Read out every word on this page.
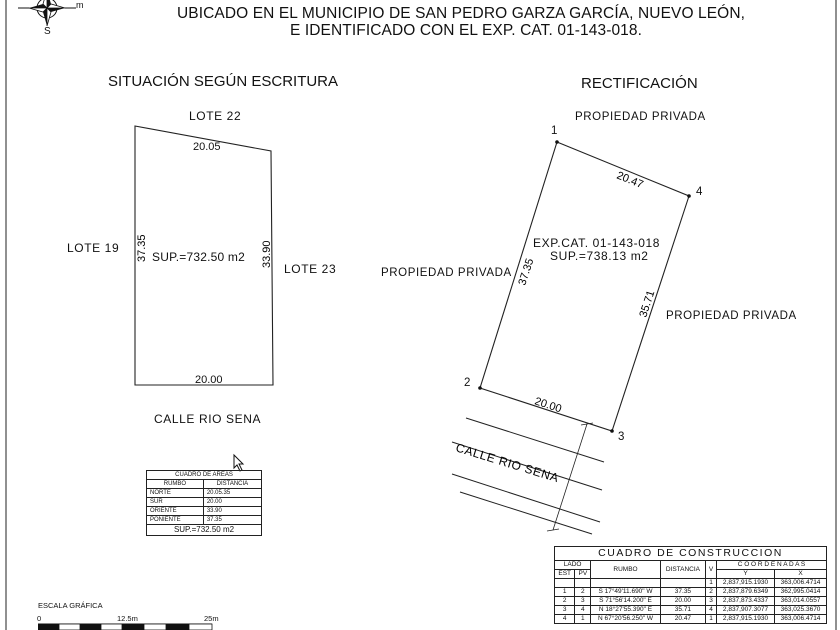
37.35	33.90
20.47
20.00
37.35
35.71
CALLE RIO SENA
UBICADO EN EL MUNICIPIO DE SAN PEDRO GARZA GARCÍA, NUEVO LEÓN,
E IDENTIFICADO CON EL EXP. CAT. 01-143-018.
S
m
SITUACIÓN SEGÚN ESCRITURA
LOTE 22
20.05
LOTE 19
SUP.=732.50 m2
LOTE 23
20.00
CALLE RIO SENA
RECTIFICACIÓN
PROPIEDAD PRIVADA
1
4
EXP.CAT. 01-143-018
SUP.=738.13 m2
PROPIEDAD PRIVADA
PROPIEDAD PRIVADA
2
3
CUADRO DE AREAS	
RUMBO	DISTANCIA
NORTE	20.05.35
SUR	20.00
ORIENTE	33.90
PONIENTE	37.35
SUP.=732.50 m2	
CUADRO DE CONSTRUCCION						
LADO		RUMBO	DISTANCIA	V	C O O R D E N A D A S	
EST	PV				Y	X
				1	2,837,915.1930	363,006.4714
1	2	S 17°49'11.690" W	37.35	2	2,837,879.6349	362,995.0414
2	3	S 71°56'14.200" E	20.00	3	2,837,873.4337	363,014.0557
3	4	N 18°27'55.390" E	35.71	4	2,837,907.3077	363,025.3670
4	1	N 67°20'56.250" W	20.47	1	2,837,915.1930	363,006.4714
ESCALA GRÁFICA
0	12.5m	25m
